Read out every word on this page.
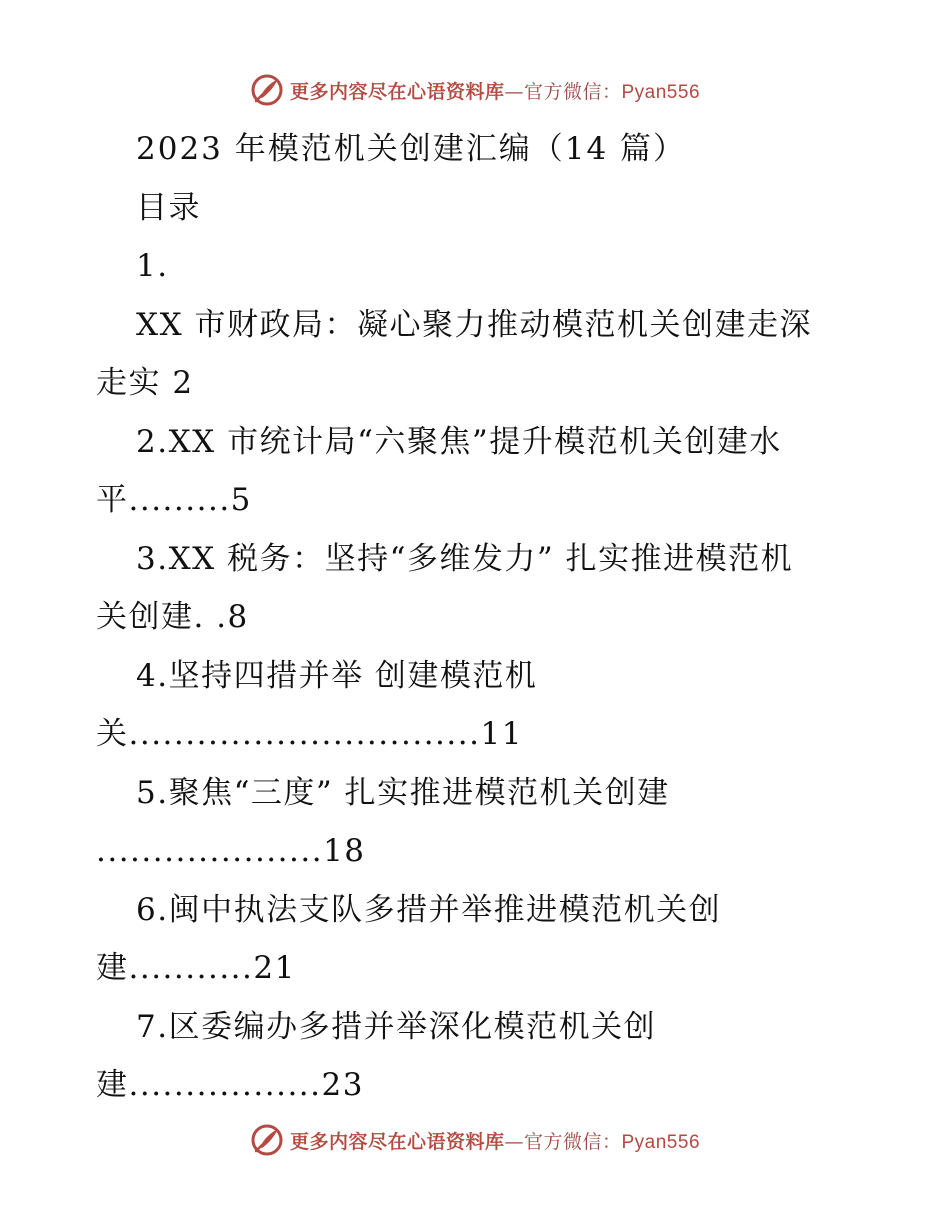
更多内容尽在心语资料库—官方微信：Pyan556
2023 年模范机关创建汇编（14 篇）
目录
1.
XX 市财政局：凝心聚力推动模范机关创建走深
走实 2
2.XX 市统计局“六聚焦”提升模范机关创建水
平.........5
3.XX 税务：坚持“多维发力” 扎实推进模范机
关创建. .8
4.坚持四措并举 创建模范机
关...............................11
5.聚焦“三度” 扎实推进模范机关创建
....................18
6.闽中执法支队多措并举推进模范机关创
建...........21
7.区委编办多措并举深化模范机关创
建.................23
更多内容尽在心语资料库—官方微信：Pyan556
